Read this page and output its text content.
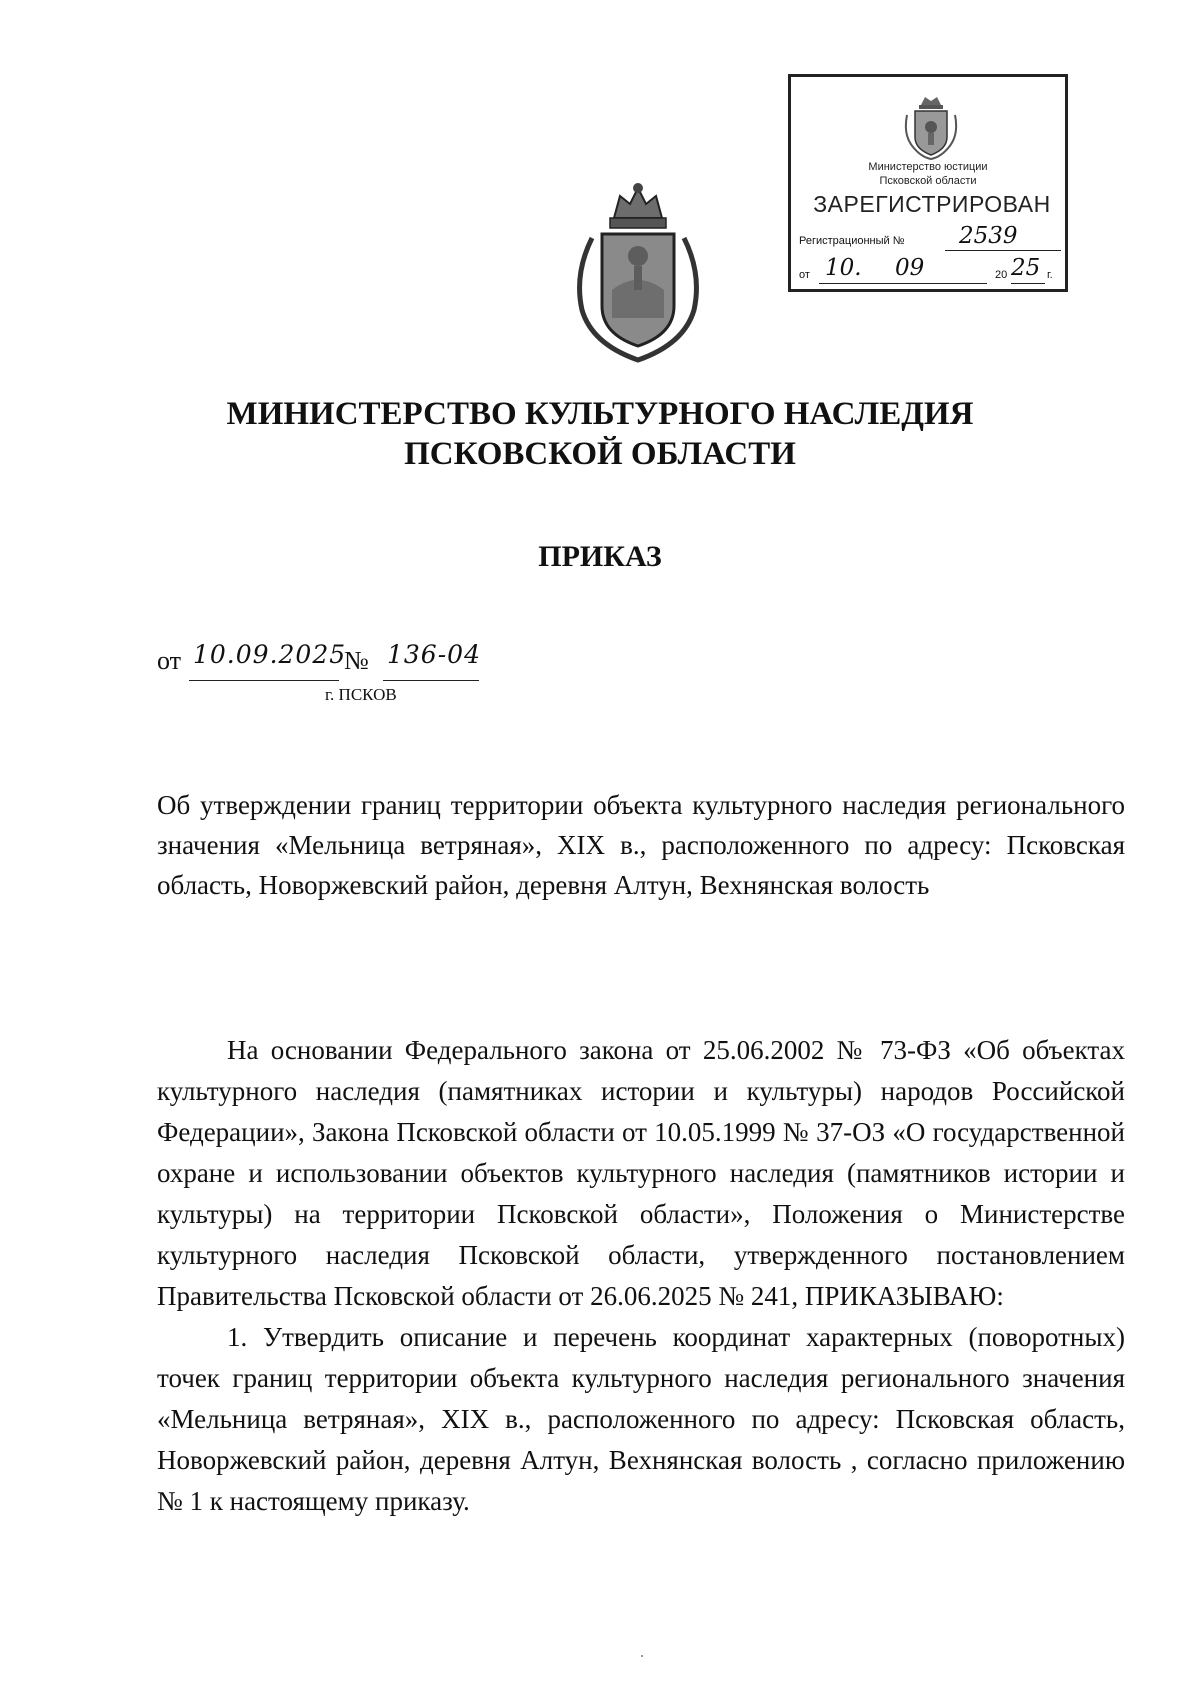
Министерство юстиции
Псковской области
ЗАРЕГИСТРИРОВАН
Регистрационный № 2539
от 10. 09	20 25 г.
МИНИСТЕРСТВО КУЛЬТУРНОГО НАСЛЕДИЯ
ПСКОВСКОЙ ОБЛАСТИ
ПРИКАЗ
от 10.09.2025
№ 136-04
г. ПСКОВ
Об утверждении границ территории объекта культурного наследия регионального значения «Мельница ветряная», XIX в., расположенного по адресу: Псковская область, Новоржевский район, деревня Алтун, Вехнянская волость

На основании Федерального закона от 25.06.2002 № 73-ФЗ «Об объектах культурного наследия (памятниках истории и культуры) народов Российской Федерации», Закона Псковской области от 10.05.1999 № 37-ОЗ «О государственной охране и использовании объектов культурного наследия (памятников истории и культуры) на территории Псковской области», Положения о Министерстве культурного наследия Псковской области, утвержденного постановлением Правительства Псковской области от 26.06.2025 № 241, ПРИКАЗЫВАЮ:

1. Утвердить описание и перечень координат характерных (поворотных) точек границ территории объекта культурного наследия регионального значения «Мельница ветряная», XIX в., расположенного по адресу: Псковская область, Новоржевский район, деревня Алтун, Вехнянская волость , согласно приложению № 1 к настоящему приказу.
